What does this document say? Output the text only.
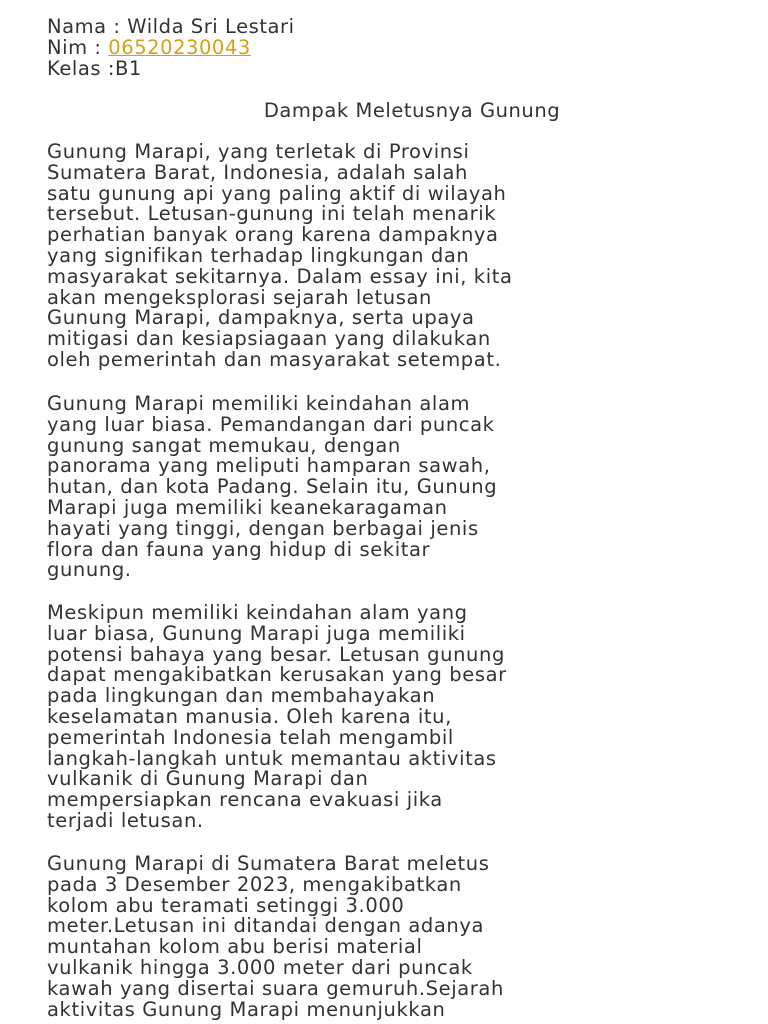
Nama : Wilda Sri Lestari

Nim : 06520230043

Kelas :B1

Dampak Meletusnya Gunung
Gunung Marapi, yang terletak di Provinsi
Sumatera Barat, Indonesia, adalah salah
satu gunung api yang paling aktif di wilayah
tersebut. Letusan-gunung ini telah menarik
perhatian banyak orang karena dampaknya
yang signifikan terhadap lingkungan dan
masyarakat sekitarnya. Dalam essay ini, kita
akan mengeksplorasi sejarah letusan
Gunung Marapi, dampaknya, serta upaya
mitigasi dan kesiapsiagaan yang dilakukan
oleh pemerintah dan masyarakat setempat.
Gunung Marapi memiliki keindahan alam
yang luar biasa. Pemandangan dari puncak
gunung sangat memukau, dengan
panorama yang meliputi hamparan sawah,
hutan, dan kota Padang. Selain itu, Gunung
Marapi juga memiliki keanekaragaman
hayati yang tinggi, dengan berbagai jenis
flora dan fauna yang hidup di sekitar
gunung.
Meskipun memiliki keindahan alam yang
luar biasa, Gunung Marapi juga memiliki
potensi bahaya yang besar. Letusan gunung
dapat mengakibatkan kerusakan yang besar
pada lingkungan dan membahayakan
keselamatan manusia. Oleh karena itu,
pemerintah Indonesia telah mengambil
langkah-langkah untuk memantau aktivitas
vulkanik di Gunung Marapi dan
mempersiapkan rencana evakuasi jika
terjadi letusan.
Gunung Marapi di Sumatera Barat meletus
pada 3 Desember 2023, mengakibatkan
kolom abu teramati setinggi 3.000
meter.Letusan ini ditandai dengan adanya
muntahan kolom abu berisi material
vulkanik hingga 3.000 meter dari puncak
kawah yang disertai suara gemuruh.Sejarah
aktivitas Gunung Marapi menunjukkan
